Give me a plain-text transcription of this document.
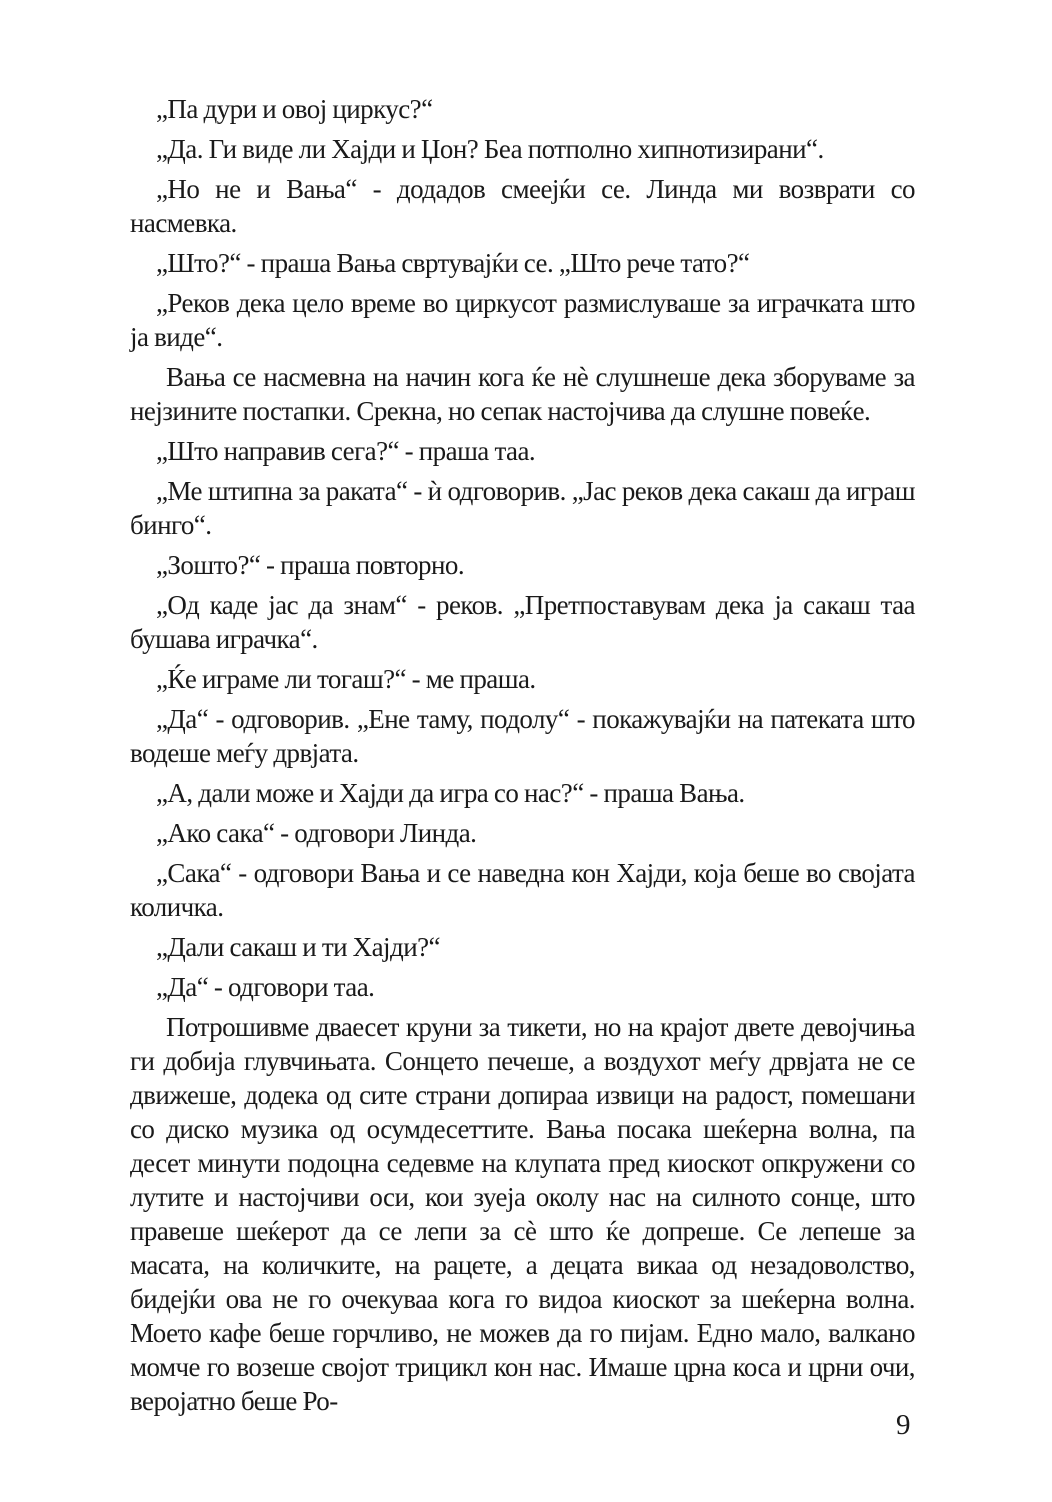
„Па дури и овој циркус?“

„Да. Ги виде ли Хајди и Џон? Беа потполно хипнотизирани“.

„Но не и Вања“ - додадов смеејќи се. Линда ми возврати со насмевка.

„Што?“ - праша Вања свртувајќи се. „Што рече тато?“

„Реков дека цело време во циркусот размислуваше за играчката што ја виде“.

Вања се насмевна на начин кога ќе нè слушнеше дека зборуваме за нејзините постапки. Срекна, но сепак настојчива да слушне повеќе.

„Што направив сега?“ - праша таа.

„Ме штипна за раката“ - ѝ одговорив. „Јас реков дека сакаш да играш бинго“.

„Зошто?“ - праша повторно.

„Од каде јас да знам“ - реков. „Претпоставувам дека ја сакаш таа бушава играчка“.

„Ќе играме ли тогаш?“ - ме праша.

„Да“ - одговорив. „Ене таму, подолу“ - покажувајќи на патеката што водеше меѓу дрвјата.

„А, дали може и Хајди да игра со нас?“ - праша Вања.

„Ако сака“ - одговори Линда.

„Сака“ - одговори Вања и се наведна кон Хајди, која беше во својата количка.

„Дали сакаш и ти Хајди?“

„Да“ - одговори таа.

Потрошивме дваесет круни за тикети, но на крајот двете девојчиња ги добија глувчињата. Сонцето печеше, а воздухот меѓу дрвјата не се движеше, додека од сите страни допираа извици на радост, помешани со диско музика од осумдесеттите. Вања посака шеќерна волна, па десет минути подоцна седевме на клупата пред киоскот опкружени со лутите и настојчиви оси, кои зуеја околу нас на силното сонце, што правеше шеќерот да се лепи за сè што ќе допреше. Се лепеше за масата, на количките, на рацете, а децата викаа од незадоволство, бидејќи ова не го очекуваа кога го видоа киоскот за шеќерна волна. Моето кафе беше горчливо, не можев да го пијам. Едно мало, валкано момче го возеше својот трицикл кон нас. Имаше црна коса и црни очи, веројатно беше Ро-

9
